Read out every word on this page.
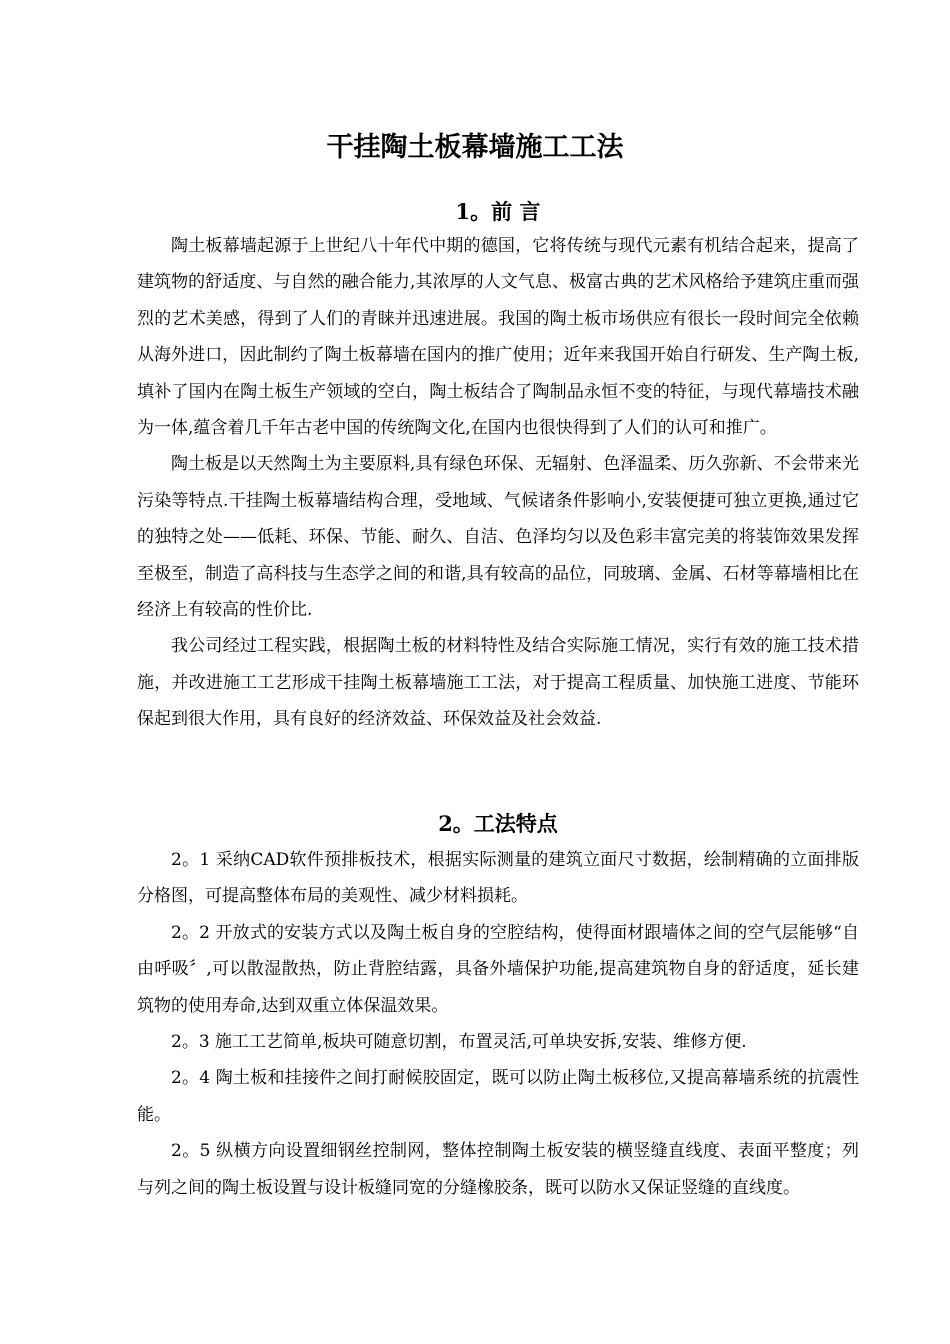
干挂陶土板幕墙施工工法
1。前 言

陶土板幕墙起源于上世纪八十年代中期的德国，它将传统与现代元素有机结合起来，提高了建筑物的舒适度、与自然的融合能力,其浓厚的人文气息、极富古典的艺术风格给予建筑庄重而强烈的艺术美感，得到了人们的青睐并迅速进展。我国的陶土板市场供应有很长一段时间完全依赖从海外进口，因此制约了陶土板幕墙在国内的推广使用；近年来我国开始自行研发、生产陶土板,填补了国内在陶土板生产领域的空白，陶土板结合了陶制品永恒不变的特征，与现代幕墙技术融为一体,蕴含着几千年古老中国的传统陶文化,在国内也很快得到了人们的认可和推广。

陶土板是以天然陶土为主要原料,具有绿色环保、无辐射、色泽温柔、历久弥新、不会带来光污染等特点.干挂陶土板幕墙结构合理，受地域、气候诸条件影响小,安装便捷可独立更换,通过它的独特之处——低耗、环保、节能、耐久、自洁、色泽均匀以及色彩丰富完美的将装饰效果发挥至极至，制造了高科技与生态学之间的和谐,具有较高的品位，同玻璃、金属、石材等幕墙相比在经济上有较高的性价比.

我公司经过工程实践，根据陶土板的材料特性及结合实际施工情况，实行有效的施工技术措施，并改进施工工艺形成干挂陶土板幕墙施工工法，对于提高工程质量、加快施工进度、节能环保起到很大作用，具有良好的经济效益、环保效益及社会效益.

2。工法特点

2。1 采纳CAD软件预排板技术，根据实际测量的建筑立面尺寸数据，绘制精确的立面排版分格图，可提高整体布局的美观性、减少材料损耗。

2。2 开放式的安装方式以及陶土板自身的空腔结构，使得面材跟墙体之间的空气层能够“自由呼吸〞,可以散湿散热，防止背腔结露，具备外墙保护功能,提高建筑物自身的舒适度，延长建筑物的使用寿命,达到双重立体保温效果。

2。3 施工工艺简单,板块可随意切割，布置灵活,可单块安拆,安装、维修方便.

2。4 陶土板和挂接件之间打耐候胶固定，既可以防止陶土板移位,又提高幕墙系统的抗震性能。

2。5 纵横方向设置细钢丝控制网，整体控制陶土板安装的横竖缝直线度、表面平整度；列与列之间的陶土板设置与设计板缝同宽的分缝橡胶条，既可以防水又保证竖缝的直线度。
